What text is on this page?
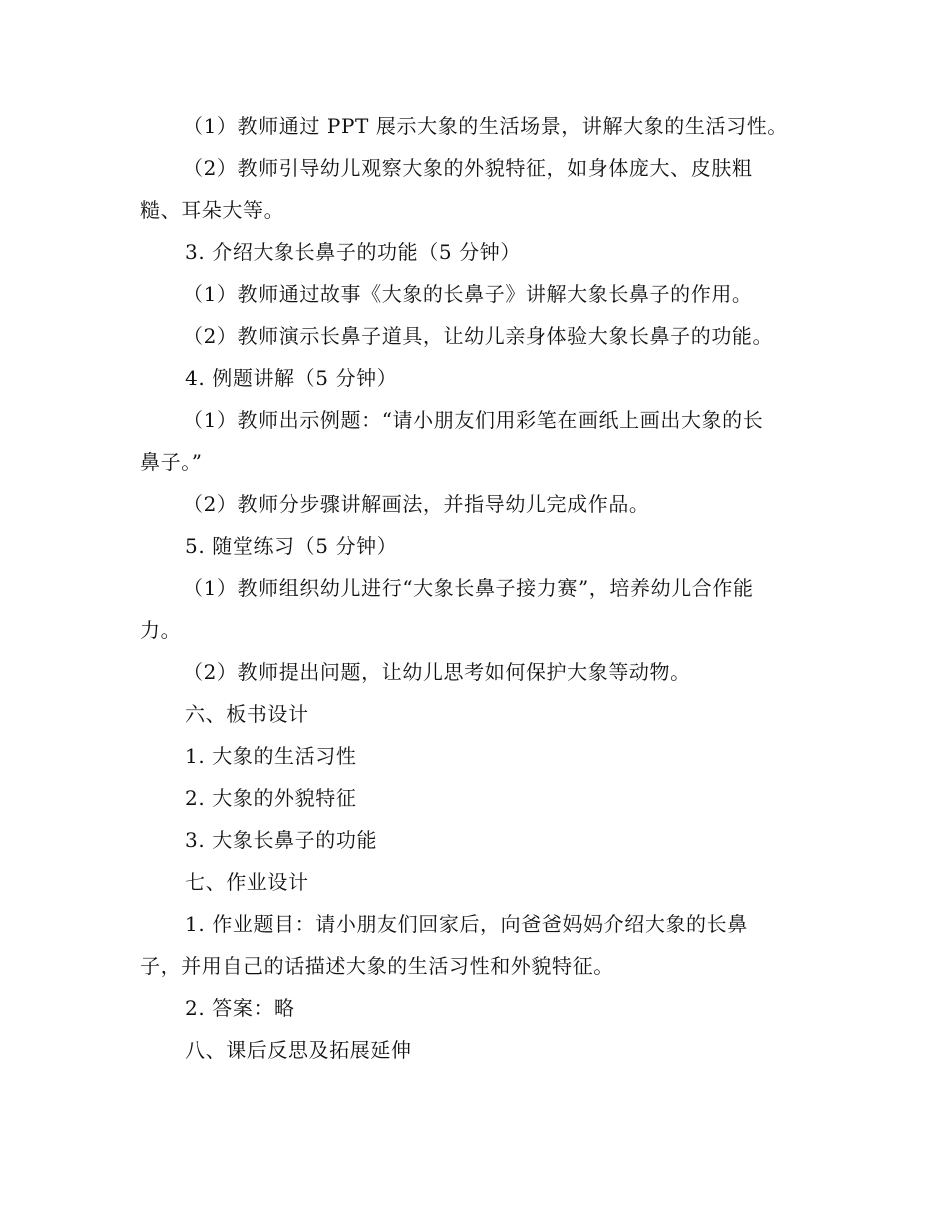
（1）教师通过 PPT 展示大象的生活场景，讲解大象的生活习性。
（2）教师引导幼儿观察大象的外貌特征，如身体庞大、皮肤粗
糙、耳朵大等。
3. 介绍大象长鼻子的功能（5 分钟）
（1）教师通过故事《大象的长鼻子》讲解大象长鼻子的作用。
（2）教师演示长鼻子道具，让幼儿亲身体验大象长鼻子的功能。
4. 例题讲解（5 分钟）
（1）教师出示例题：“请小朋友们用彩笔在画纸上画出大象的长
鼻子。”
（2）教师分步骤讲解画法，并指导幼儿完成作品。
5. 随堂练习（5 分钟）
（1）教师组织幼儿进行“大象长鼻子接力赛”，培养幼儿合作能
力。
（2）教师提出问题，让幼儿思考如何保护大象等动物。
六、板书设计
1. 大象的生活习性
2. 大象的外貌特征
3. 大象长鼻子的功能
七、作业设计
1. 作业题目：请小朋友们回家后，向爸爸妈妈介绍大象的长鼻
子，并用自己的话描述大象的生活习性和外貌特征。
2. 答案：略
八、课后反思及拓展延伸
